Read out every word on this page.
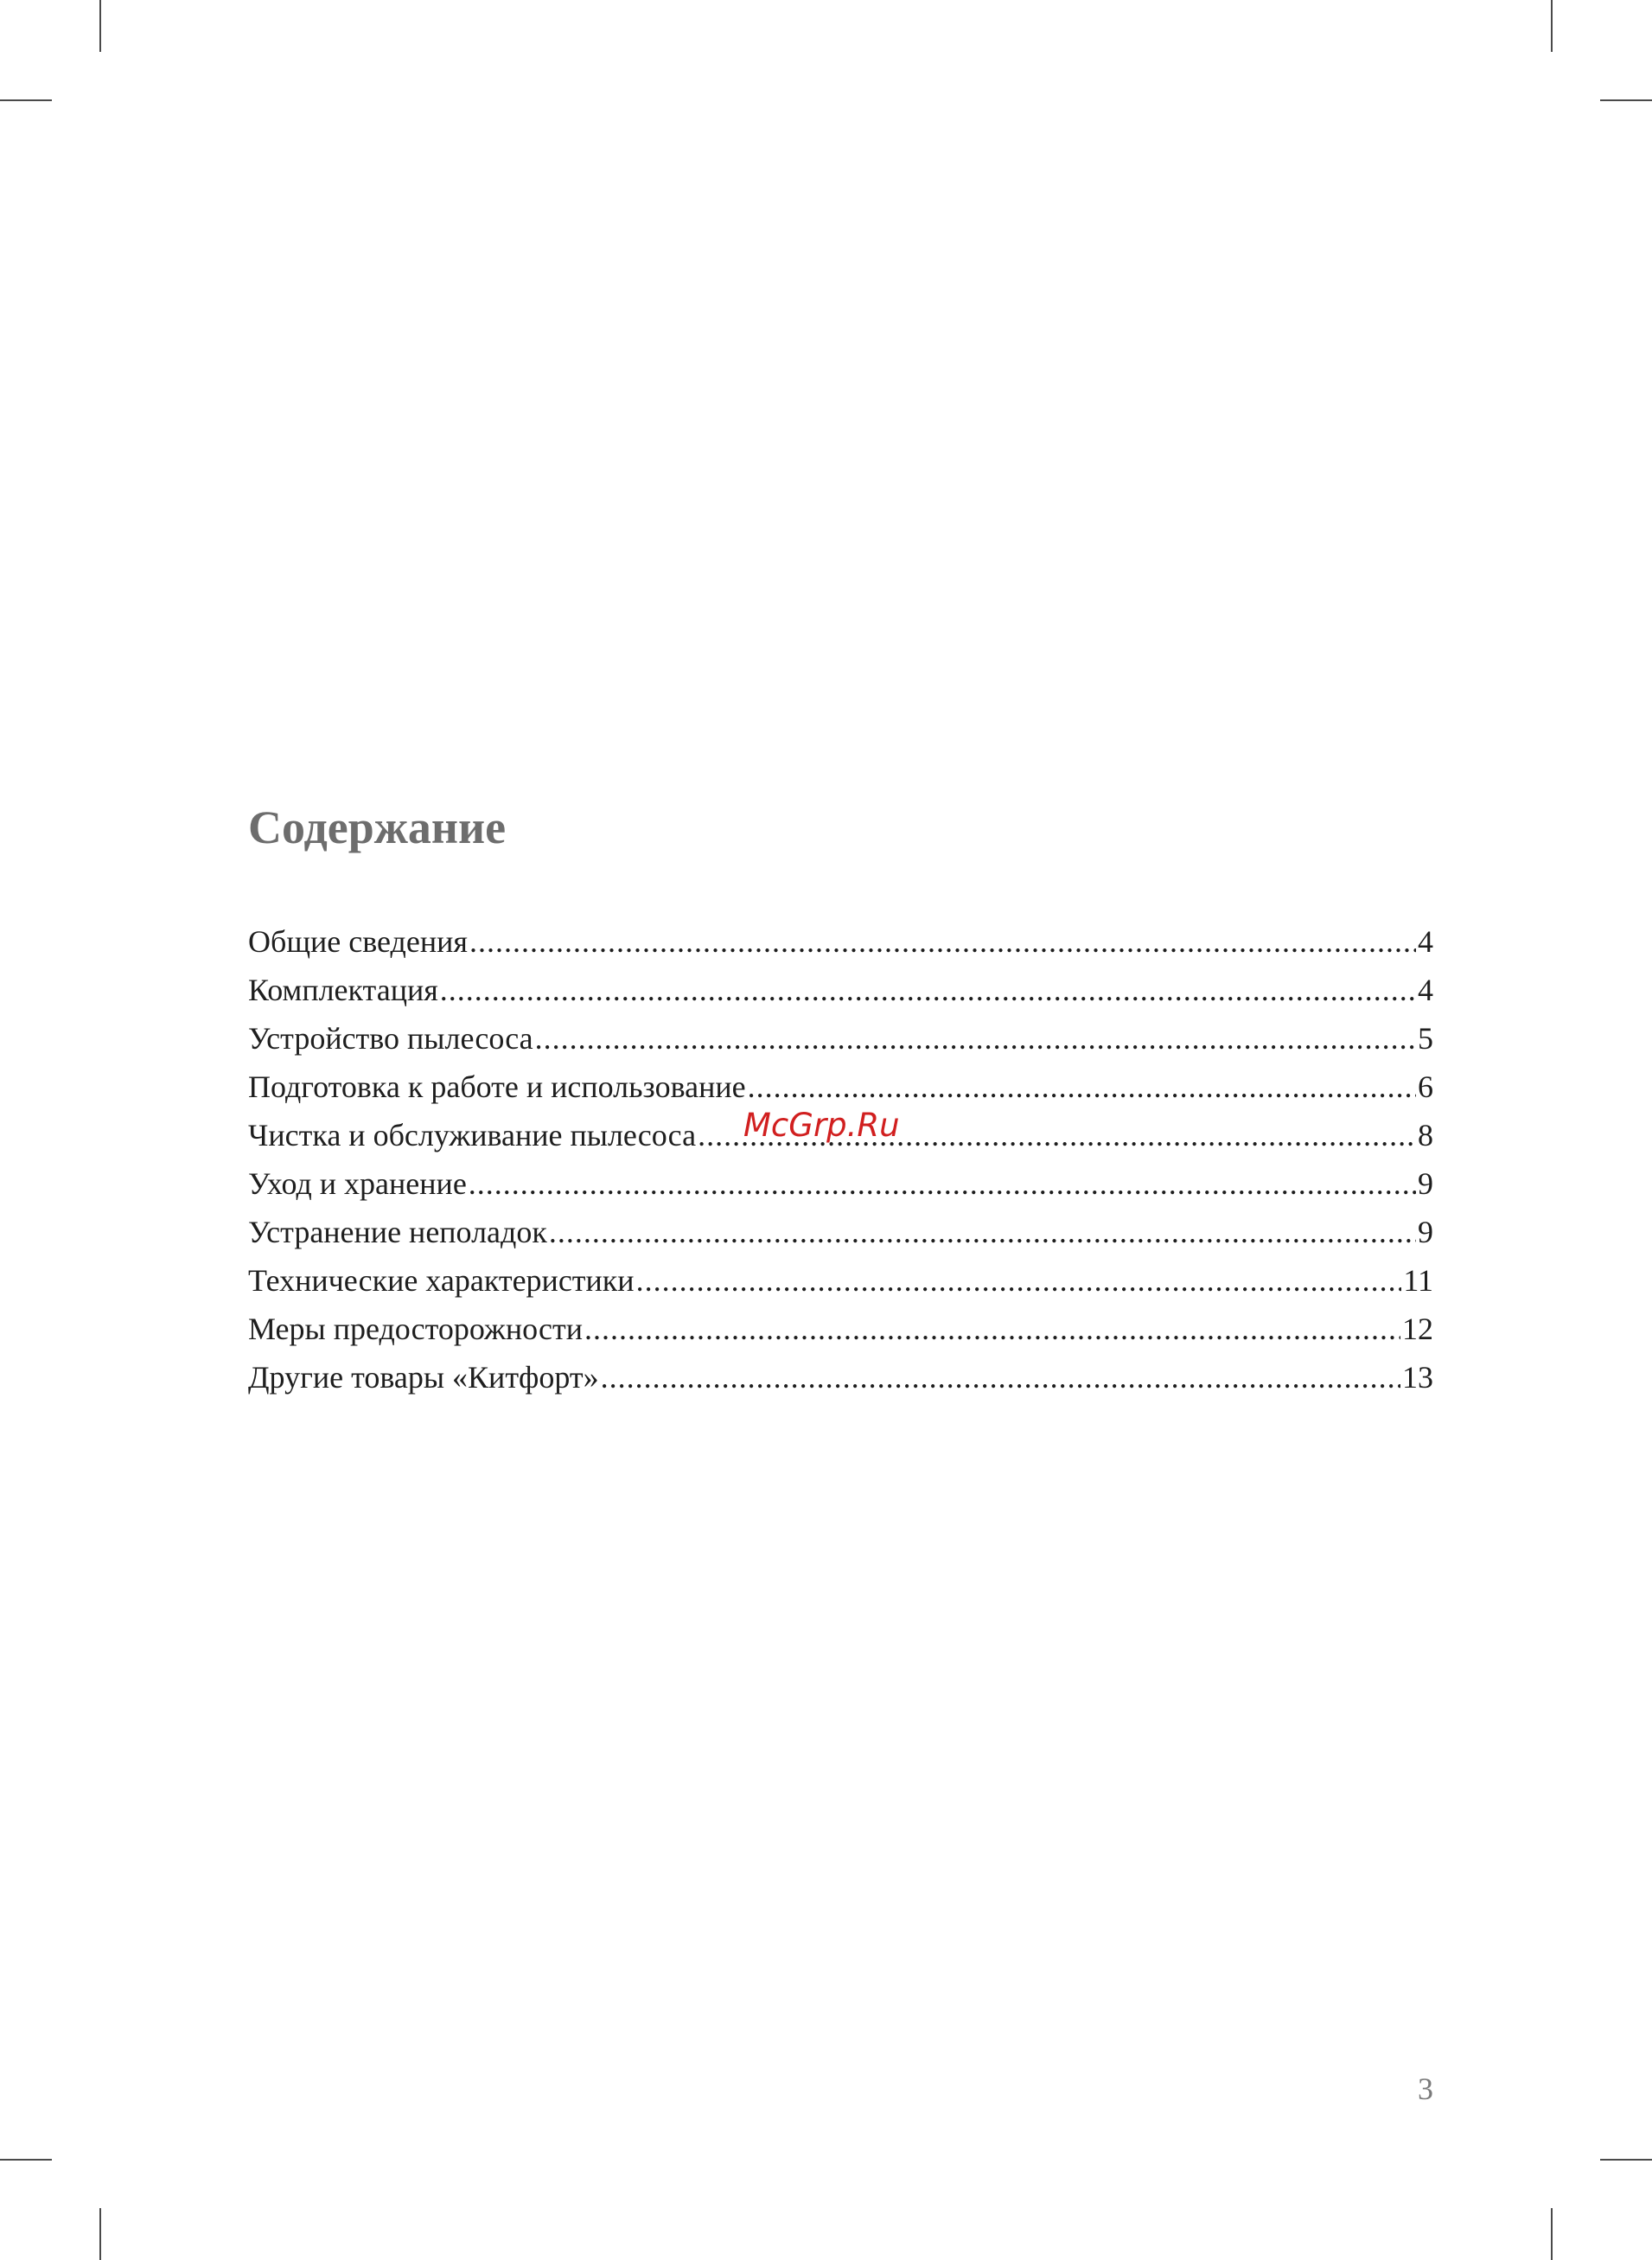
Содержание
Общие сведения .....	4
Комплектация .....	4
Устройство пылесоса .....	5
Подготовка к работе и использование .....	6
Чистка и обслуживание пылесоса .....	8
Уход и хранение .....	9
Устранение неполадок .....	9
Технические характеристики .....	11
Меры предосторожности .....	12
Другие товары «Китфорт» .....	13
McGrp.Ru
3
